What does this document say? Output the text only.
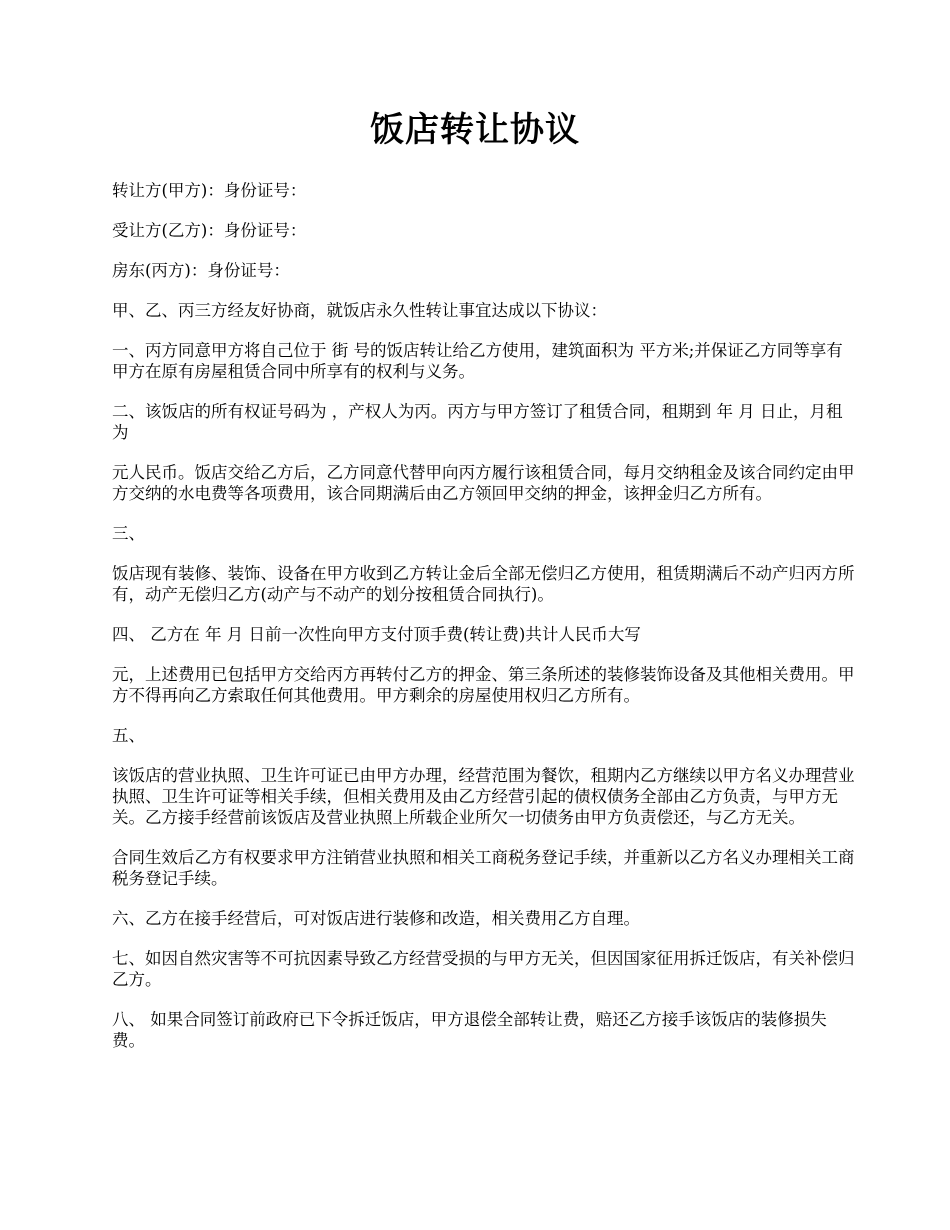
饭店转让协议

转让方(甲方)：身份证号：

受让方(乙方)：身份证号：

房东(丙方)：身份证号：

甲、乙、丙三方经友好协商，就饭店永久性转让事宜达成以下协议：

一、丙方同意甲方将自己位于 街 号的饭店转让给乙方使用，建筑面积为 平方米;并保证乙方同等享有甲方在原有房屋租赁合同中所享有的权利与义务。

二、该饭店的所有权证号码为 ，产权人为丙。丙方与甲方签订了租赁合同，租期到 年 月 日止，月租为

元人民币。饭店交给乙方后，乙方同意代替甲向丙方履行该租赁合同，每月交纳租金及该合同约定由甲方交纳的水电费等各项费用，该合同期满后由乙方领回甲交纳的押金，该押金归乙方所有。

三、

饭店现有装修、装饰、设备在甲方收到乙方转让金后全部无偿归乙方使用，租赁期满后不动产归丙方所有，动产无偿归乙方(动产与不动产的划分按租赁合同执行)。

四、 乙方在 年 月 日前一次性向甲方支付顶手费(转让费)共计人民币大写

元，上述费用已包括甲方交给丙方再转付乙方的押金、第三条所述的装修装饰设备及其他相关费用。甲方不得再向乙方索取任何其他费用。甲方剩余的房屋使用权归乙方所有。

五、

该饭店的营业执照、卫生许可证已由甲方办理，经营范围为餐饮，租期内乙方继续以甲方名义办理营业执照、卫生许可证等相关手续，但相关费用及由乙方经营引起的债权债务全部由乙方负责，与甲方无关。乙方接手经营前该饭店及营业执照上所载企业所欠一切债务由甲方负责偿还，与乙方无关。

合同生效后乙方有权要求甲方注销营业执照和相关工商税务登记手续，并重新以乙方名义办理相关工商税务登记手续。

六、乙方在接手经营后，可对饭店进行装修和改造，相关费用乙方自理。

七、如因自然灾害等不可抗因素导致乙方经营受损的与甲方无关，但因国家征用拆迁饭店，有关补偿归乙方。

八、 如果合同签订前政府已下令拆迁饭店，甲方退偿全部转让费，赔还乙方接手该饭店的装修损失费。
